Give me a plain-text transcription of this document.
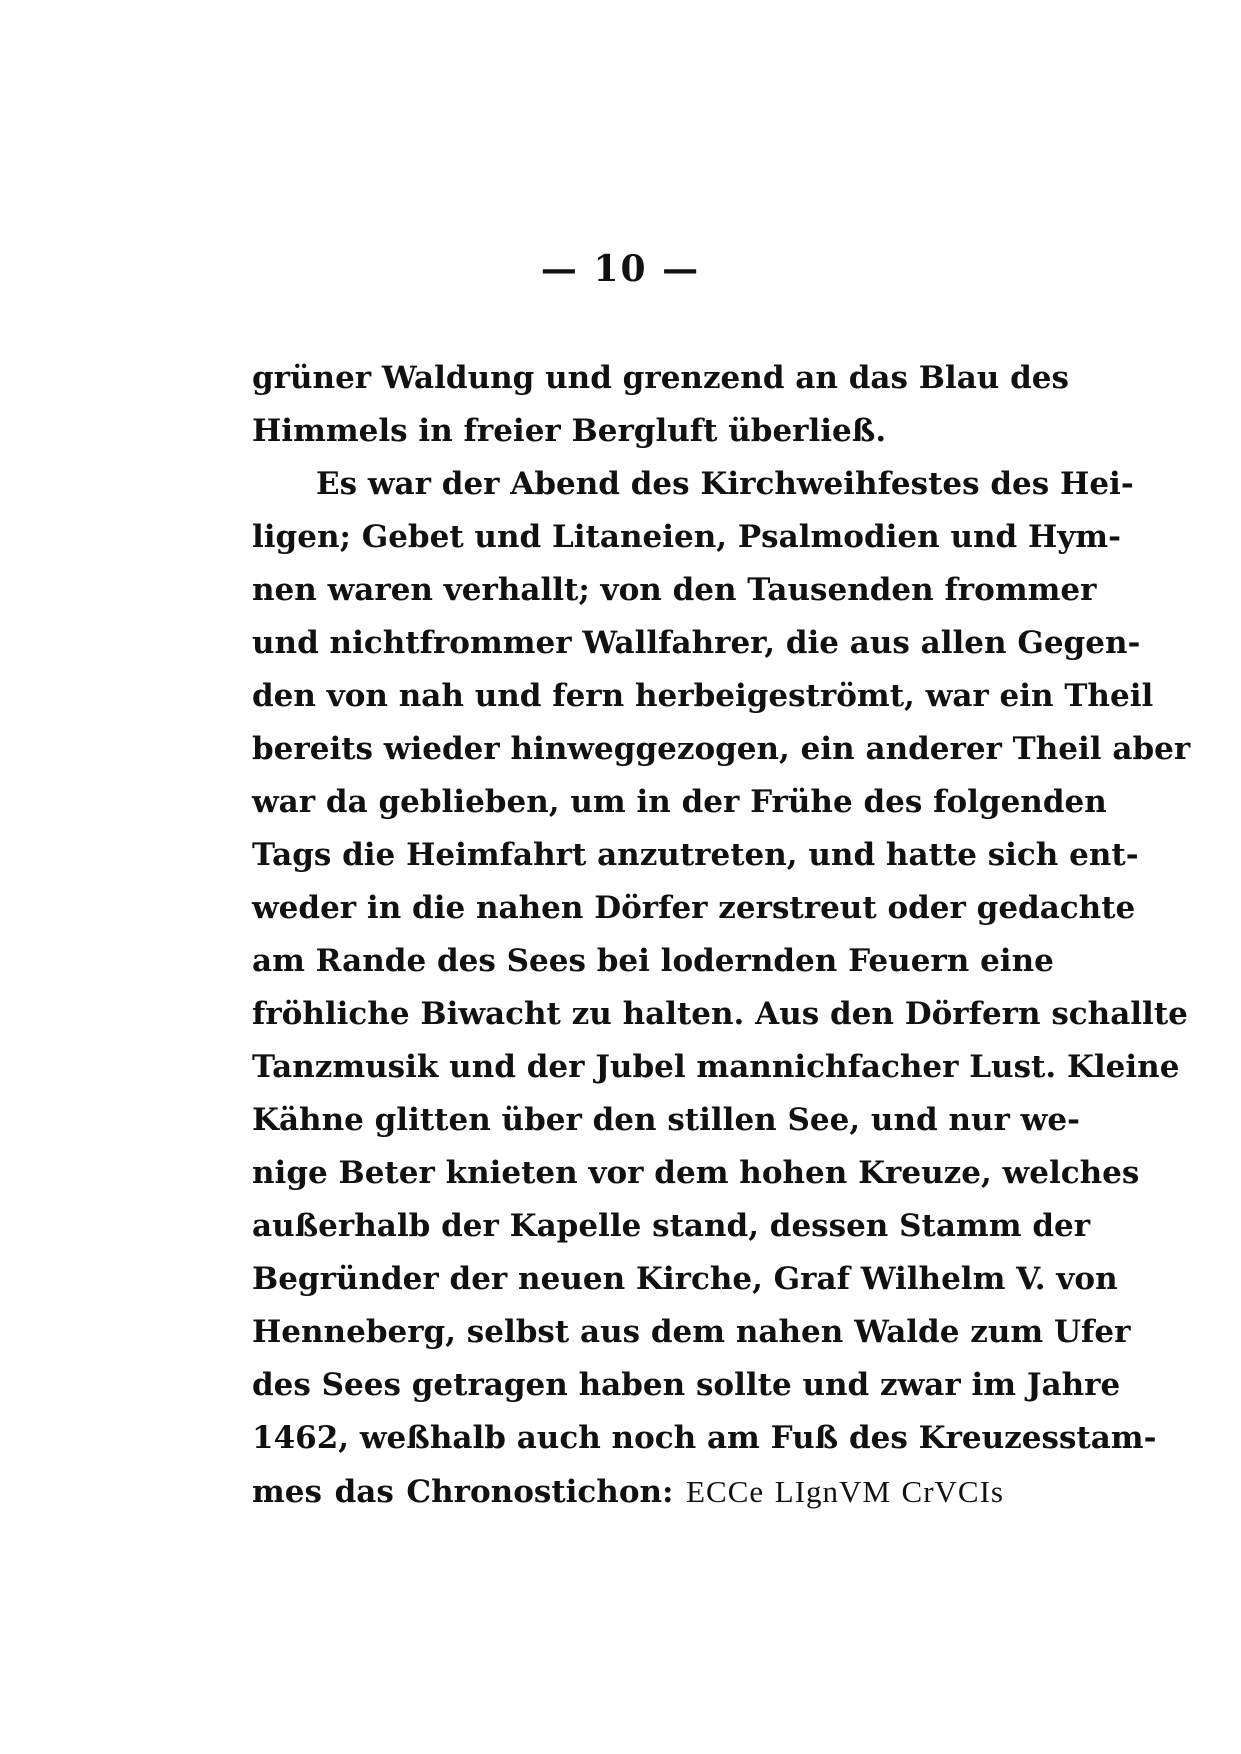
— 10 —
grüner Waldung und grenzend an das Blau des
Himmels in freier Bergluft überließ.
Es war der Abend des Kirchweihfestes des Hei-
ligen; Gebet und Litaneien, Psalmodien und Hym-
nen waren verhallt; von den Tausenden frommer
und nichtfrommer Wallfahrer, die aus allen Gegen-
den von nah und fern herbeigeströmt, war ein Theil
bereits wieder hinweggezogen, ein anderer Theil aber
war da geblieben, um in der Frühe des folgenden
Tags die Heimfahrt anzutreten, und hatte sich ent-
weder in die nahen Dörfer zerstreut oder gedachte
am Rande des Sees bei lodernden Feuern eine
fröhliche Biwacht zu halten. Aus den Dörfern schallte
Tanzmusik und der Jubel mannichfacher Lust. Kleine
Kähne glitten über den stillen See, und nur we-
nige Beter knieten vor dem hohen Kreuze, welches
außerhalb der Kapelle stand, dessen Stamm der
Begründer der neuen Kirche, Graf Wilhelm V. von
Henneberg, selbst aus dem nahen Walde zum Ufer
des Sees getragen haben sollte und zwar im Jahre
1462, weßhalb auch noch am Fuß des Kreuzesstam-
mes das Chronostichon: ECCe LIgnVM CrVCIs
